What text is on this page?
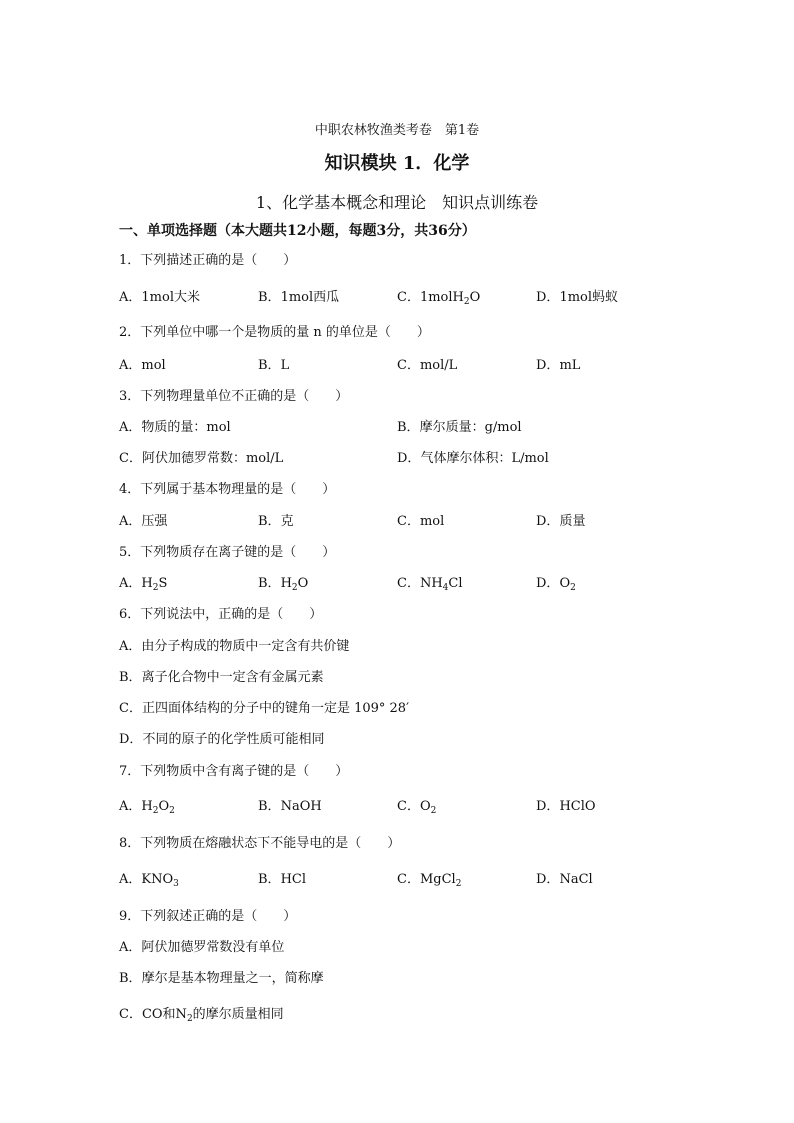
中职农林牧渔类考卷　第1卷
知识模块 1．化学
1、化学基本概念和理论　知识点训练卷
一、单项选择题（本大题共12小题，每题3分，共36分）
1．下列描述正确的是（　　）
A．1mol大米	B．1mol西瓜	C．1molH$_2$O	D．1mol蚂蚁
2．下列单位中哪一个是物质的量 n 的单位是（　　）
A．mol	B．L	C．mol/L	D．mL
3．下列物理量单位不正确的是（　　）
A．物质的量：mol	B．摩尔质量：g/mol
C．阿伏加德罗常数：mol/L	D．气体摩尔体积：L/mol
4．下列属于基本物理量的是（　　）
A．压强	B．克	C．mol	D．质量
5．下列物质存在离子键的是（　　）
A．$H_2S$	B．$H_2O$	C．$NH_4Cl$	D．$O_2$
6．下列说法中，正确的是（　　）
A．由分子构成的物质中一定含有共价键
B．离子化合物中一定含有金属元素
C．正四面体结构的分子中的键角一定是 109° 28′
D．不同的原子的化学性质可能相同
7．下列物质中含有离子键的是（　　）
A．$H_2O_2$	B．NaOH	C．$O_2$	D．HClO
8．下列物质在熔融状态下不能导电的是（　　）
A．$KNO_3$	B．HCl	C．MgCl$_2$	D．NaCl
9．下列叙述正确的是（　　）
A．阿伏加德罗常数没有单位
B．摩尔是基本物理量之一，简称摩
C．CO和$N_2$的摩尔质量相同
